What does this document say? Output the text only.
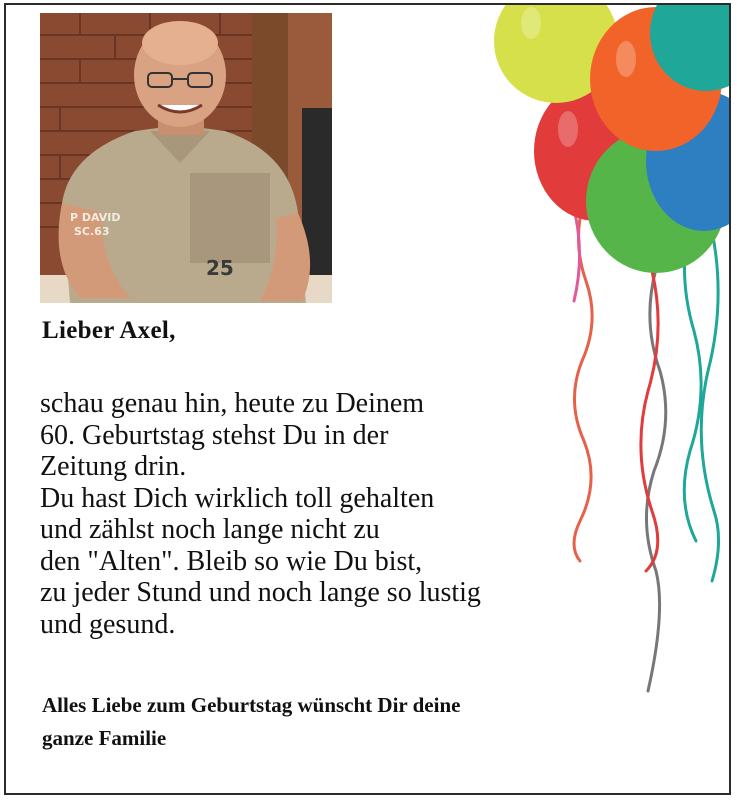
P DAVID
SC.63
25
Lieber Axel,

schau genau hin, heute zu Deinem
60. Geburtstag stehst Du in der
Zeitung drin.
Du hast Dich wirklich toll gehalten
und zählst noch lange nicht zu
den "Alten". Bleib so wie Du bist,
zu jeder Stund und noch lange so lustig
und gesund.

Alles Liebe zum Geburtstag wünscht Dir deine
ganze Familie
